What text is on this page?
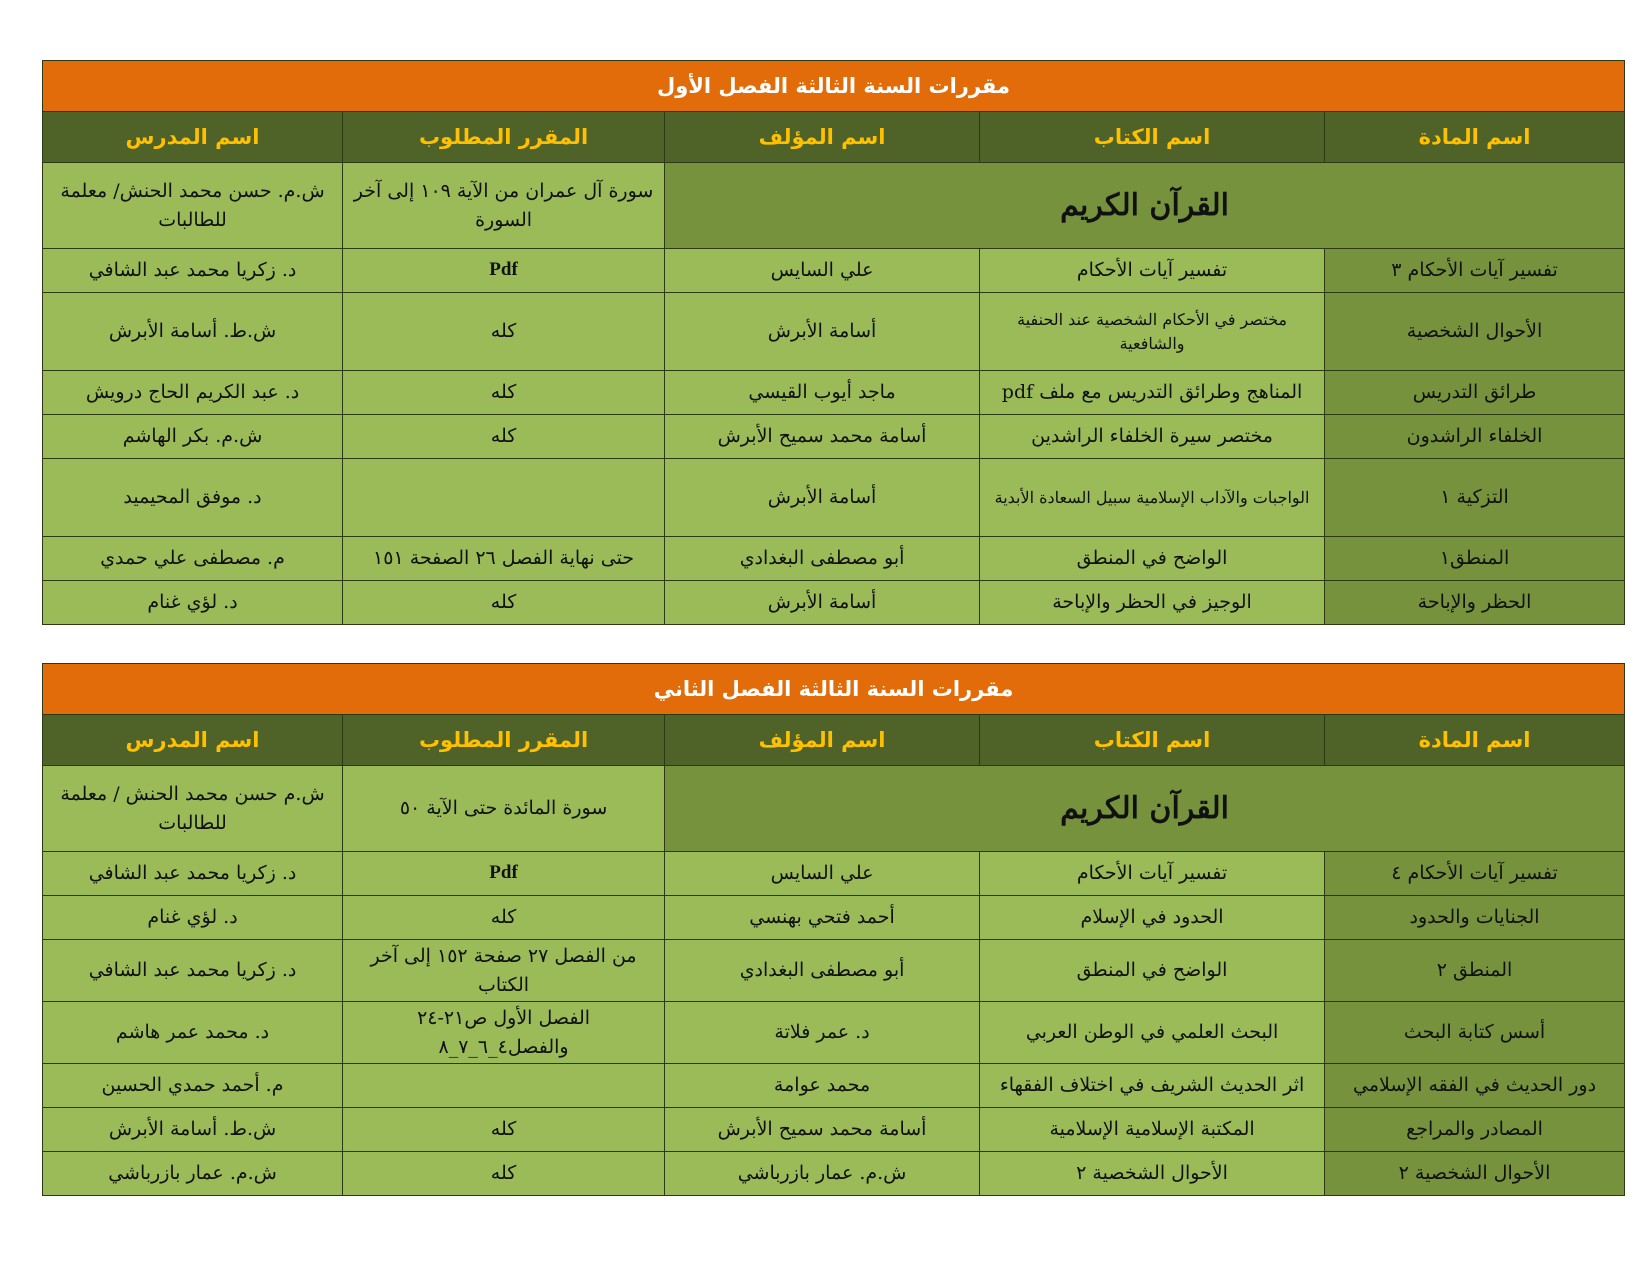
مقررات السنة الثالثة الفصل الأول				
اسم المادة	اسم الكتاب	اسم المؤلف	المقرر المطلوب	اسم المدرس
القرآن الكريم			سورة آل عمران من الآية ١٠٩ إلى آخر السورة	ش.م. حسن محمد الحنش/ معلمة للطالبات
تفسير آيات الأحكام ٣	تفسير آيات الأحكام	علي السايس	Pdf	د. زكريا محمد عبد الشافي
الأحوال الشخصية	مختصر في الأحكام الشخصية عند الحنفية والشافعية	أسامة الأبرش	كله	ش.ط. أسامة الأبرش
طرائق التدريس	المناهج وطرائق التدريس مع ملف pdf	ماجد أيوب القيسي	كله	د. عبد الكريم الحاج درويش
الخلفاء الراشدون	مختصر سيرة الخلفاء الراشدين	أسامة محمد سميح الأبرش	كله	ش.م. بكر الهاشم
التزكية ١	الواجبات والآداب الإسلامية سبيل السعادة الأبدية	أسامة الأبرش		د. موفق المحيميد
المنطق١	الواضح في المنطق	أبو مصطفى البغدادي	حتى نهاية الفصل ٢٦ الصفحة ١٥١	م. مصطفى علي حمدي
الحظر والإباحة	الوجيز في الحظر والإباحة	أسامة الأبرش	كله	د. لؤي غنام
مقررات السنة الثالثة الفصل الثاني				
اسم المادة	اسم الكتاب	اسم المؤلف	المقرر المطلوب	اسم المدرس
القرآن الكريم			سورة المائدة حتى الآية ٥٠	ش.م حسن محمد الحنش / معلمة للطالبات
تفسير آيات الأحكام ٤	تفسير آيات الأحكام	علي السايس	Pdf	د. زكريا محمد عبد الشافي
الجنايات والحدود	الحدود في الإسلام	أحمد فتحي بهنسي	كله	د. لؤي غنام
المنطق ٢	الواضح في المنطق	أبو مصطفى البغدادي	من الفصل ٢٧ صفحة ١٥٢ إلى آخر الكتاب	د. زكريا محمد عبد الشافي
أسس كتابة البحث	البحث العلمي في الوطن العربي	د. عمر فلاتة	الفصل الأول ص٢١-٢٤ والفصل٤_٦_٧_٨	د. محمد عمر هاشم
دور الحديث في الفقه الإسلامي	اثر الحديث الشريف في اختلاف الفقهاء	محمد عوامة		م. أحمد حمدي الحسين
المصادر والمراجع	المكتبة الإسلامية الإسلامية	أسامة محمد سميح الأبرش	كله	ش.ط. أسامة الأبرش
الأحوال الشخصية ٢	الأحوال الشخصية ٢	ش.م. عمار بازرباشي	كله	ش.م. عمار بازرباشي
